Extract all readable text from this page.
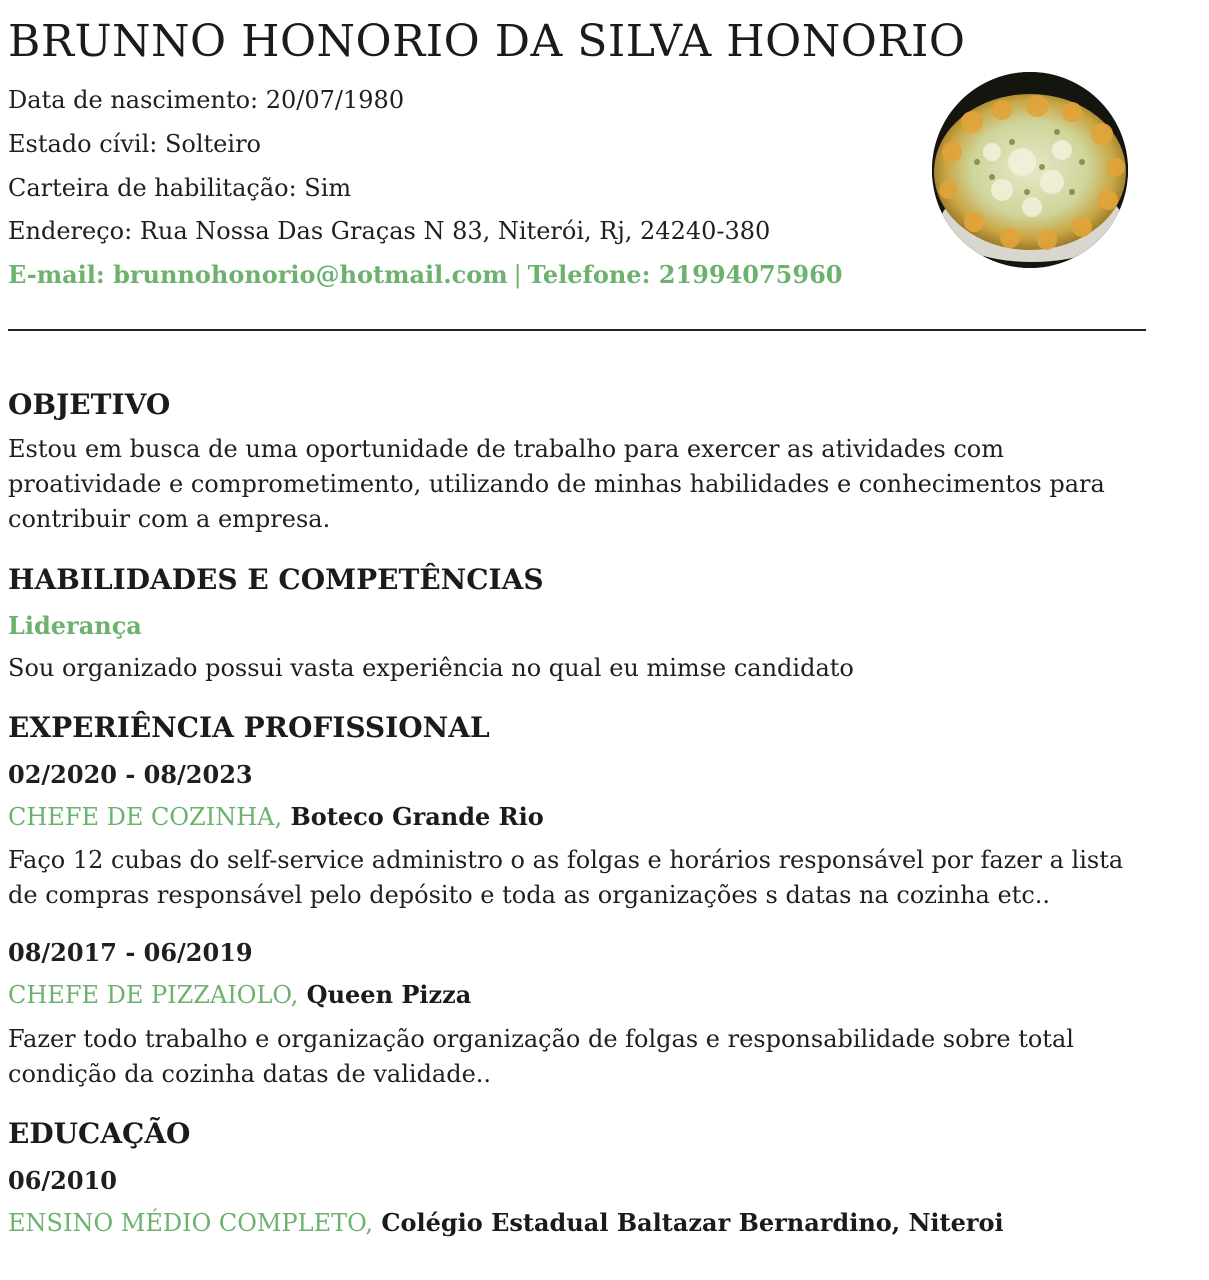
BRUNNO HONORIO DA SILVA HONORIO
Data de nascimento: 20/07/1980
Estado cívil: Solteiro
Carteira de habilitação: Sim
Endereço: Rua Nossa Das Graças N 83, Niterói, Rj, 24240-380
E-mail: brunnohonorio@hotmail.com | Telefone: 21994075960
OBJETIVO
Estou em busca de uma oportunidade de trabalho para exercer as atividades com
proatividade e comprometimento, utilizando de minhas habilidades e conhecimentos para
contribuir com a empresa.
HABILIDADES E COMPETÊNCIAS
Liderança
Sou organizado possui vasta experiência no qual eu mimse candidato
EXPERIÊNCIA PROFISSIONAL
02/2020 - 08/2023
CHEFE DE COZINHA, Boteco Grande Rio
Faço 12 cubas do self-service administro o as folgas e horários responsável por fazer a lista
de compras responsável pelo depósito e toda as organizações s datas na cozinha etc..
08/2017 - 06/2019
CHEFE DE PIZZAIOLO, Queen Pizza
Fazer todo trabalho e organização organização de folgas e responsabilidade sobre total
condição da cozinha datas de validade..
EDUCAÇÃO
06/2010
ENSINO MÉDIO COMPLETO, Colégio Estadual Baltazar Bernardino, Niteroi
